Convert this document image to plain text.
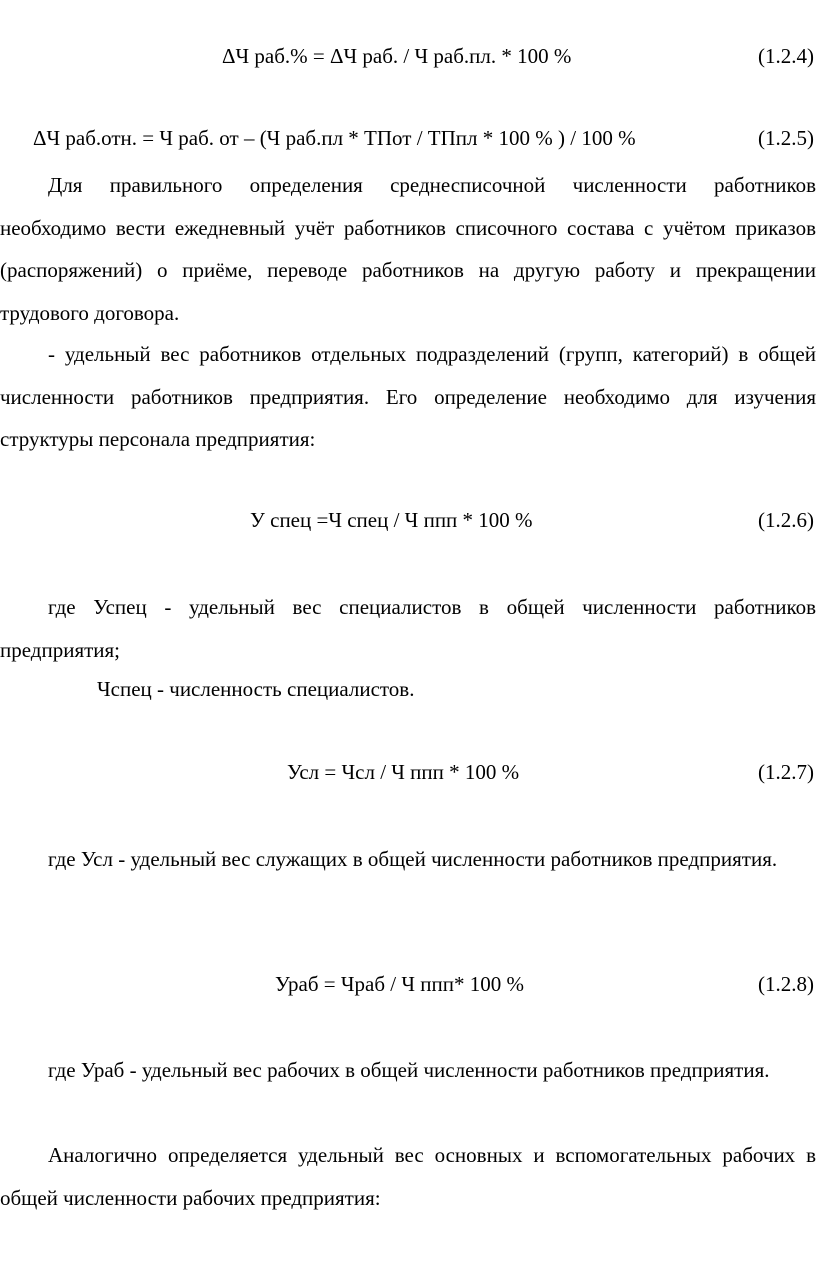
ΔЧ раб.% = ΔЧ раб. / Ч раб.пл. * 100 %	(1.2.4)
ΔЧ раб.отн. = Ч раб. от – (Ч раб.пл * ТПот / ТПпл * 100 % ) / 100 %	(1.2.5)

Для правильного определения среднесписочной численности работников необходимо вести ежедневный учёт работников списочного состава с учётом приказов (распоряжений) о приёме, переводе работников на другую работу и прекращении трудового договора.

- удельный вес работников отдельных подразделений (групп, категорий) в общей численности работников предприятия. Его определение необходимо для изучения структуры персонала предприятия:

У спец =Ч спец / Ч ппп * 100 %	(1.2.6)

где Успец - удельный вес специалистов в общей численности работников предприятия;

Чспец - численность специалистов.
Усл = Чсл / Ч ппп * 100 %	(1.2.7)

где Усл - удельный вес служащих в общей численности работников предприятия.

Ураб = Чраб / Ч ппп* 100 %	(1.2.8)

где Ураб - удельный вес рабочих в общей численности работников предприятия.

Аналогично определяется удельный вес основных и вспомогательных рабочих в общей численности рабочих предприятия:
